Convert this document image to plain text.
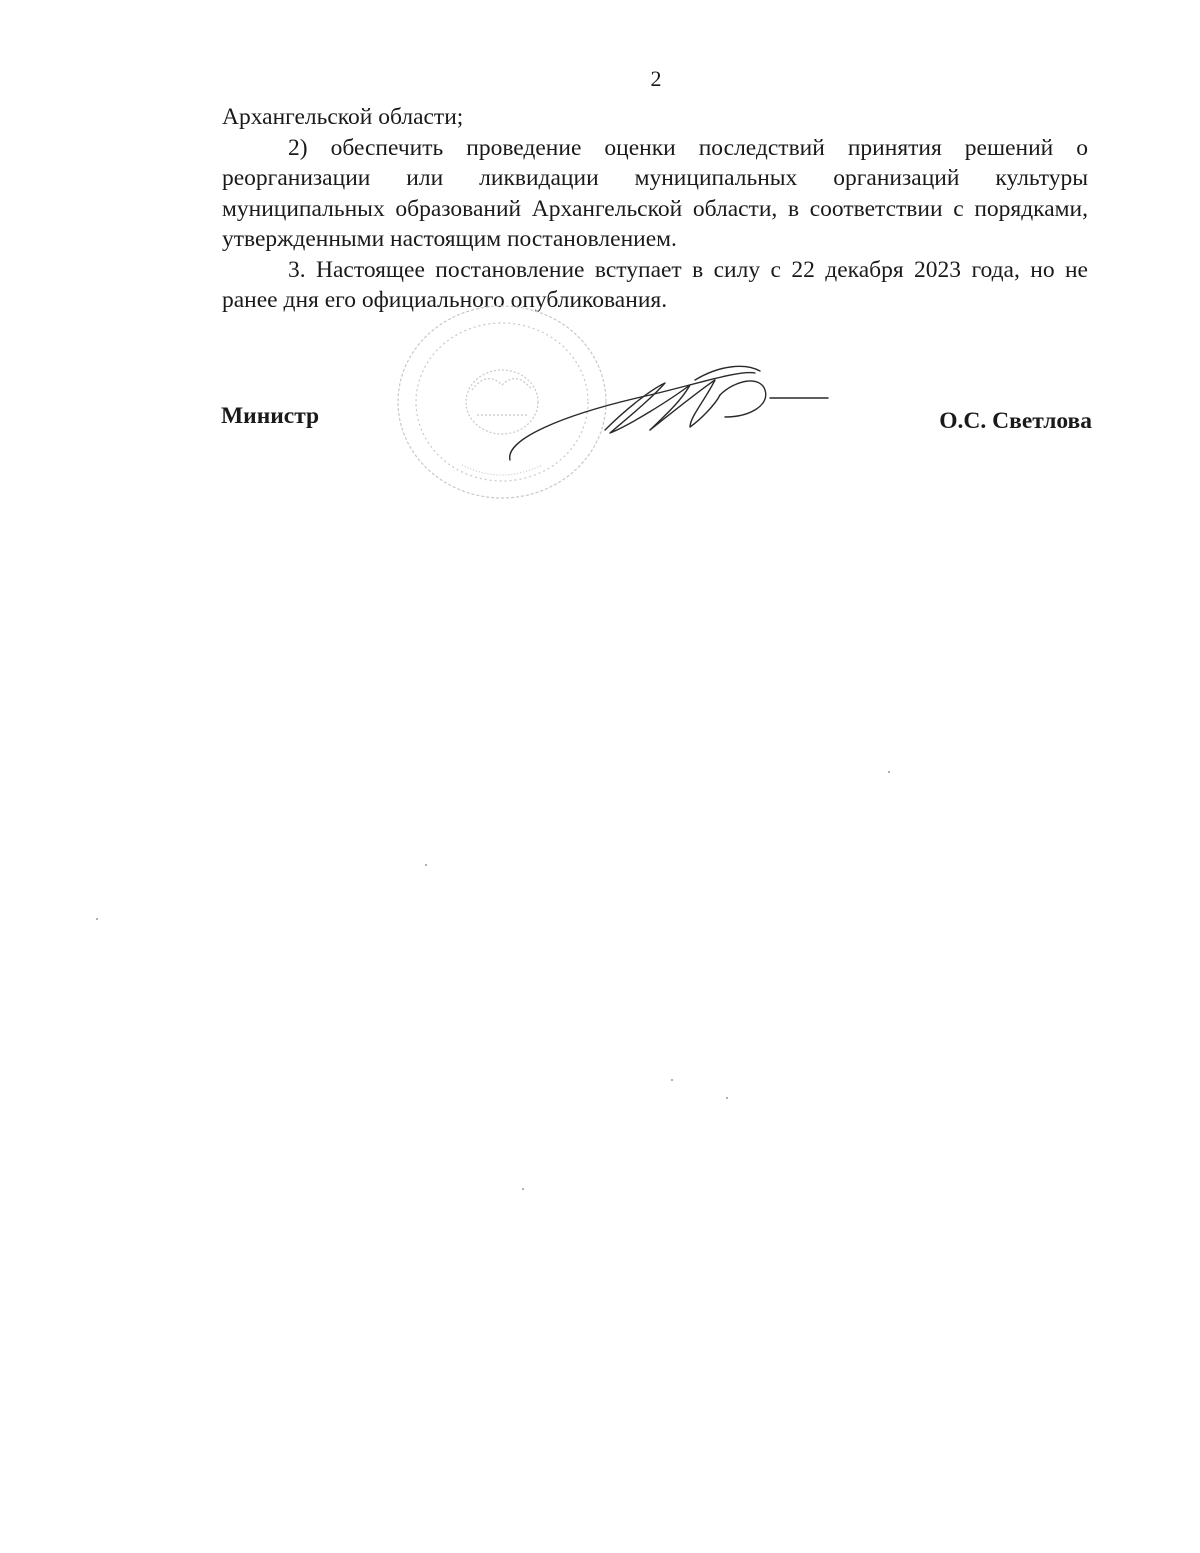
2

Архангельской области;

2) обеспечить проведение оценки последствий принятия решений о реорганизации или ликвидации муниципальных организаций культуры муниципальных образований Архангельской области, в соответствии с порядками, утвержденными настоящим постановлением.

3. Настоящее постановление вступает в силу с 22 декабря 2023 года, но не ранее дня его официального опубликования.

Министр	О.С. Светлова
